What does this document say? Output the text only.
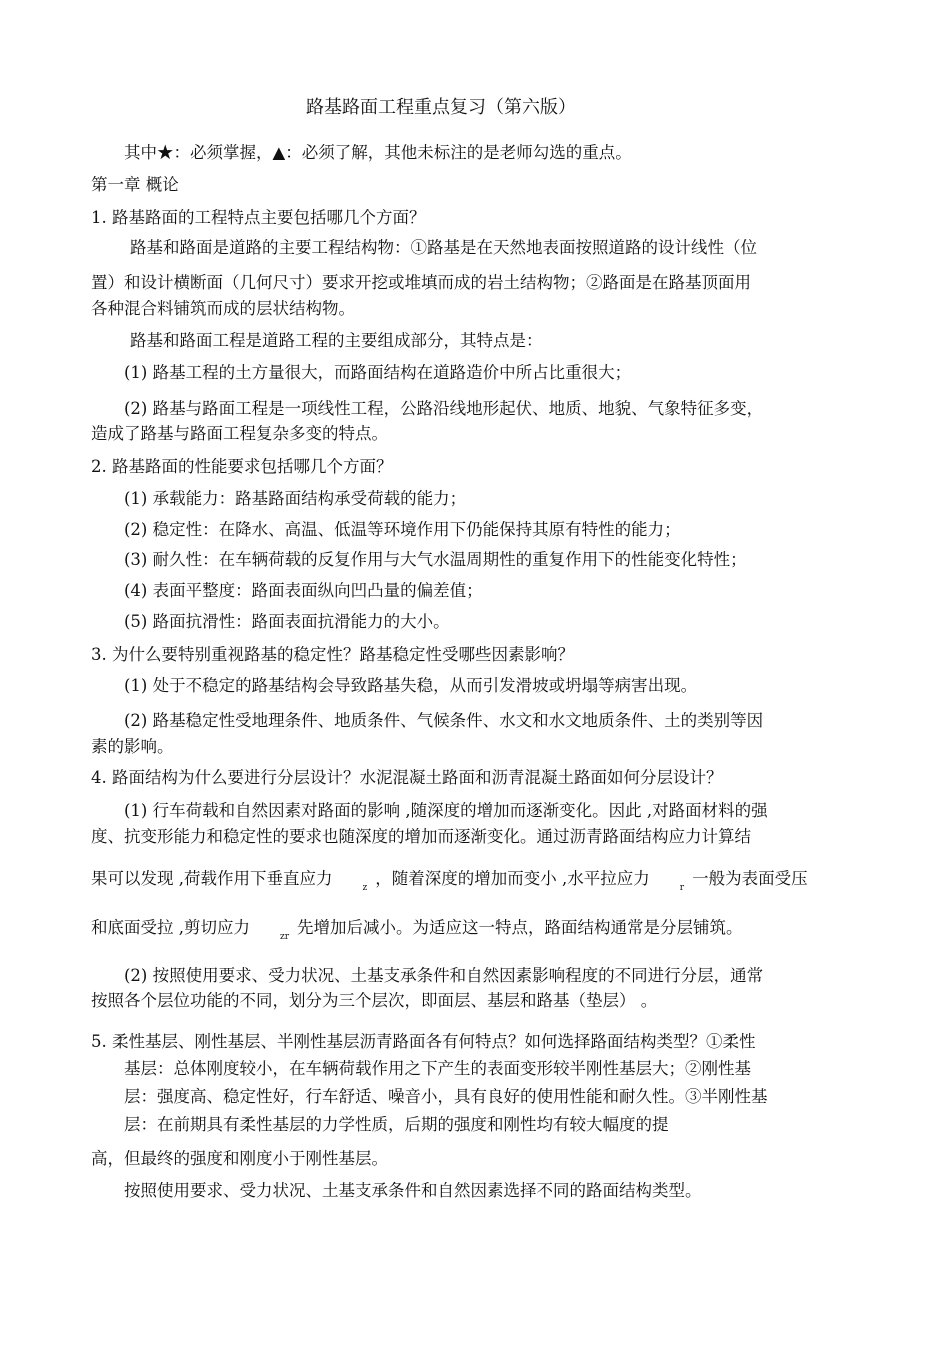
路基路面工程重点复习（第六版）
其中★：必须掌握，▲：必须了解，其他未标注的是老师勾选的重点。
第一章 概论
1. 路基路面的工程特点主要包括哪几个方面？
路基和路面是道路的主要工程结构物：①路基是在天然地表面按照道路的设计线性（位
置）和设计横断面（几何尺寸）要求开挖或堆填而成的岩土结构物；②路面是在路基顶面用
各种混合料铺筑而成的层状结构物。
路基和路面工程是道路工程的主要组成部分，其特点是：
(1) 路基工程的土方量很大，而路面结构在道路造价中所占比重很大；
(2) 路基与路面工程是一项线性工程，公路沿线地形起伏、地质、地貌、气象特征多变，
造成了路基与路面工程复杂多变的特点。
2. 路基路面的性能要求包括哪几个方面？
(1) 承载能力：路基路面结构承受荷载的能力；
(2) 稳定性：在降水、高温、低温等环境作用下仍能保持其原有特性的能力；
(3) 耐久性：在车辆荷载的反复作用与大气水温周期性的重复作用下的性能变化特性；
(4) 表面平整度：路面表面纵向凹凸量的偏差值；
(5) 路面抗滑性：路面表面抗滑能力的大小。
3. 为什么要特别重视路基的稳定性？路基稳定性受哪些因素影响？
(1) 处于不稳定的路基结构会导致路基失稳，从而引发滑坡或坍塌等病害出现。
(2) 路基稳定性受地理条件、地质条件、气候条件、水文和水文地质条件、土的类别等因
素的影响。
4. 路面结构为什么要进行分层设计？水泥混凝土路面和沥青混凝土路面如何分层设计？
(1) 行车荷载和自然因素对路面的影响 ,随深度的增加而逐渐变化。因此 ,对路面材料的强
度、抗变形能力和稳定性的要求也随深度的增加而逐渐变化。通过沥青路面结构应力计算结
果可以发现 ,荷载作用下垂直应力	$_z$ ，随着深度的增加而变小 ,水平拉应力	$_r$ 一般为表面受压
和底面受拉 ,剪切应力	$_{zr}$ 先增加后减小。为适应这一特点，路面结构通常是分层铺筑。
(2) 按照使用要求、受力状况、土基支承条件和自然因素影响程度的不同进行分层，通常
按照各个层位功能的不同，划分为三个层次，即面层、基层和路基（垫层） 。
5. 柔性基层、刚性基层、半刚性基层沥青路面各有何特点？如何选择路面结构类型？①柔性
基层：总体刚度较小，在车辆荷载作用之下产生的表面变形较半刚性基层大；②刚性基
层：强度高、稳定性好，行车舒适、噪音小，具有良好的使用性能和耐久性。③半刚性基
层：在前期具有柔性基层的力学性质，后期的强度和刚性均有较大幅度的提
高，但最终的强度和刚度小于刚性基层。
按照使用要求、受力状况、土基支承条件和自然因素选择不同的路面结构类型。
